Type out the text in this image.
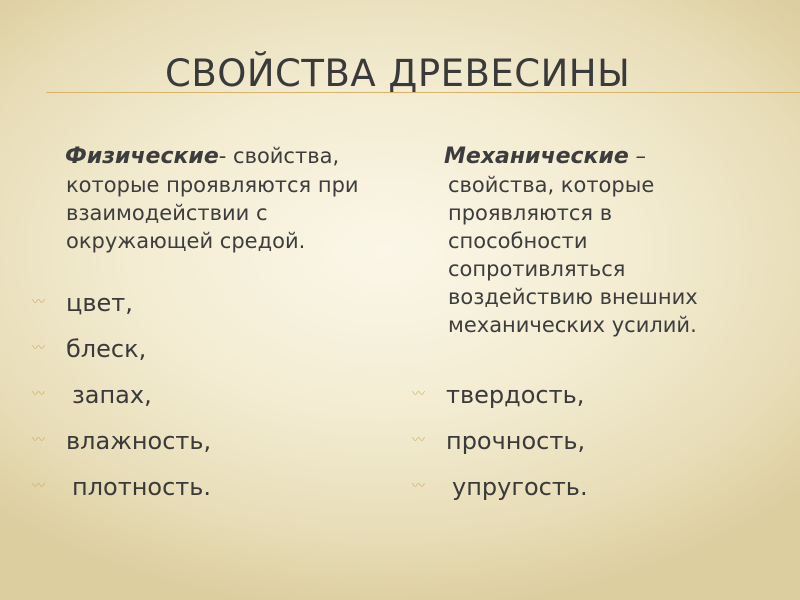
СВОЙСТВА ДРЕВЕСИНЫ
Физические- свойства,
которые проявляются при
взаимодействии с
окружающей средой.
〰 цвет,
〰 блеск,
〰 запах,
〰 влажность,
〰 плотность.
Механические –
свойства, которые
проявляются в
способности
сопротивляться
воздействию внешних
механических усилий.
〰 твердость,
〰 прочность,
〰 упругость.
